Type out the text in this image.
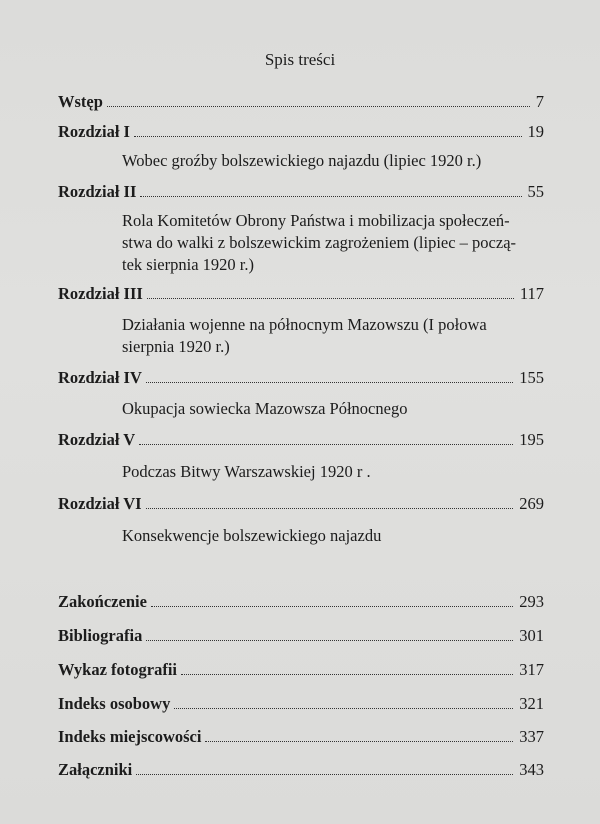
Spis treści
Wstęp	7
Rozdział I	19
Wobec groźby bolszewickiego najazdu (lipiec 1920 r.)
Rozdział II	55
Rola Komitetów Obrony Państwa i mobilizacja społeczeń-
stwa do walki z bolszewickim zagrożeniem (lipiec – począ-
tek sierpnia 1920 r.)
Rozdział III	117
Działania wojenne na północnym Mazowszu (I połowa
sierpnia 1920 r.)
Rozdział IV	155
Okupacja sowiecka Mazowsza Północnego
Rozdział V	195
Podczas Bitwy Warszawskiej 1920 r .
Rozdział VI	269
Konsekwencje bolszewickiego najazdu
Zakończenie	293
Bibliografia	301
Wykaz fotografii	317
Indeks osobowy	321
Indeks miejscowości	337
Załączniki	343
